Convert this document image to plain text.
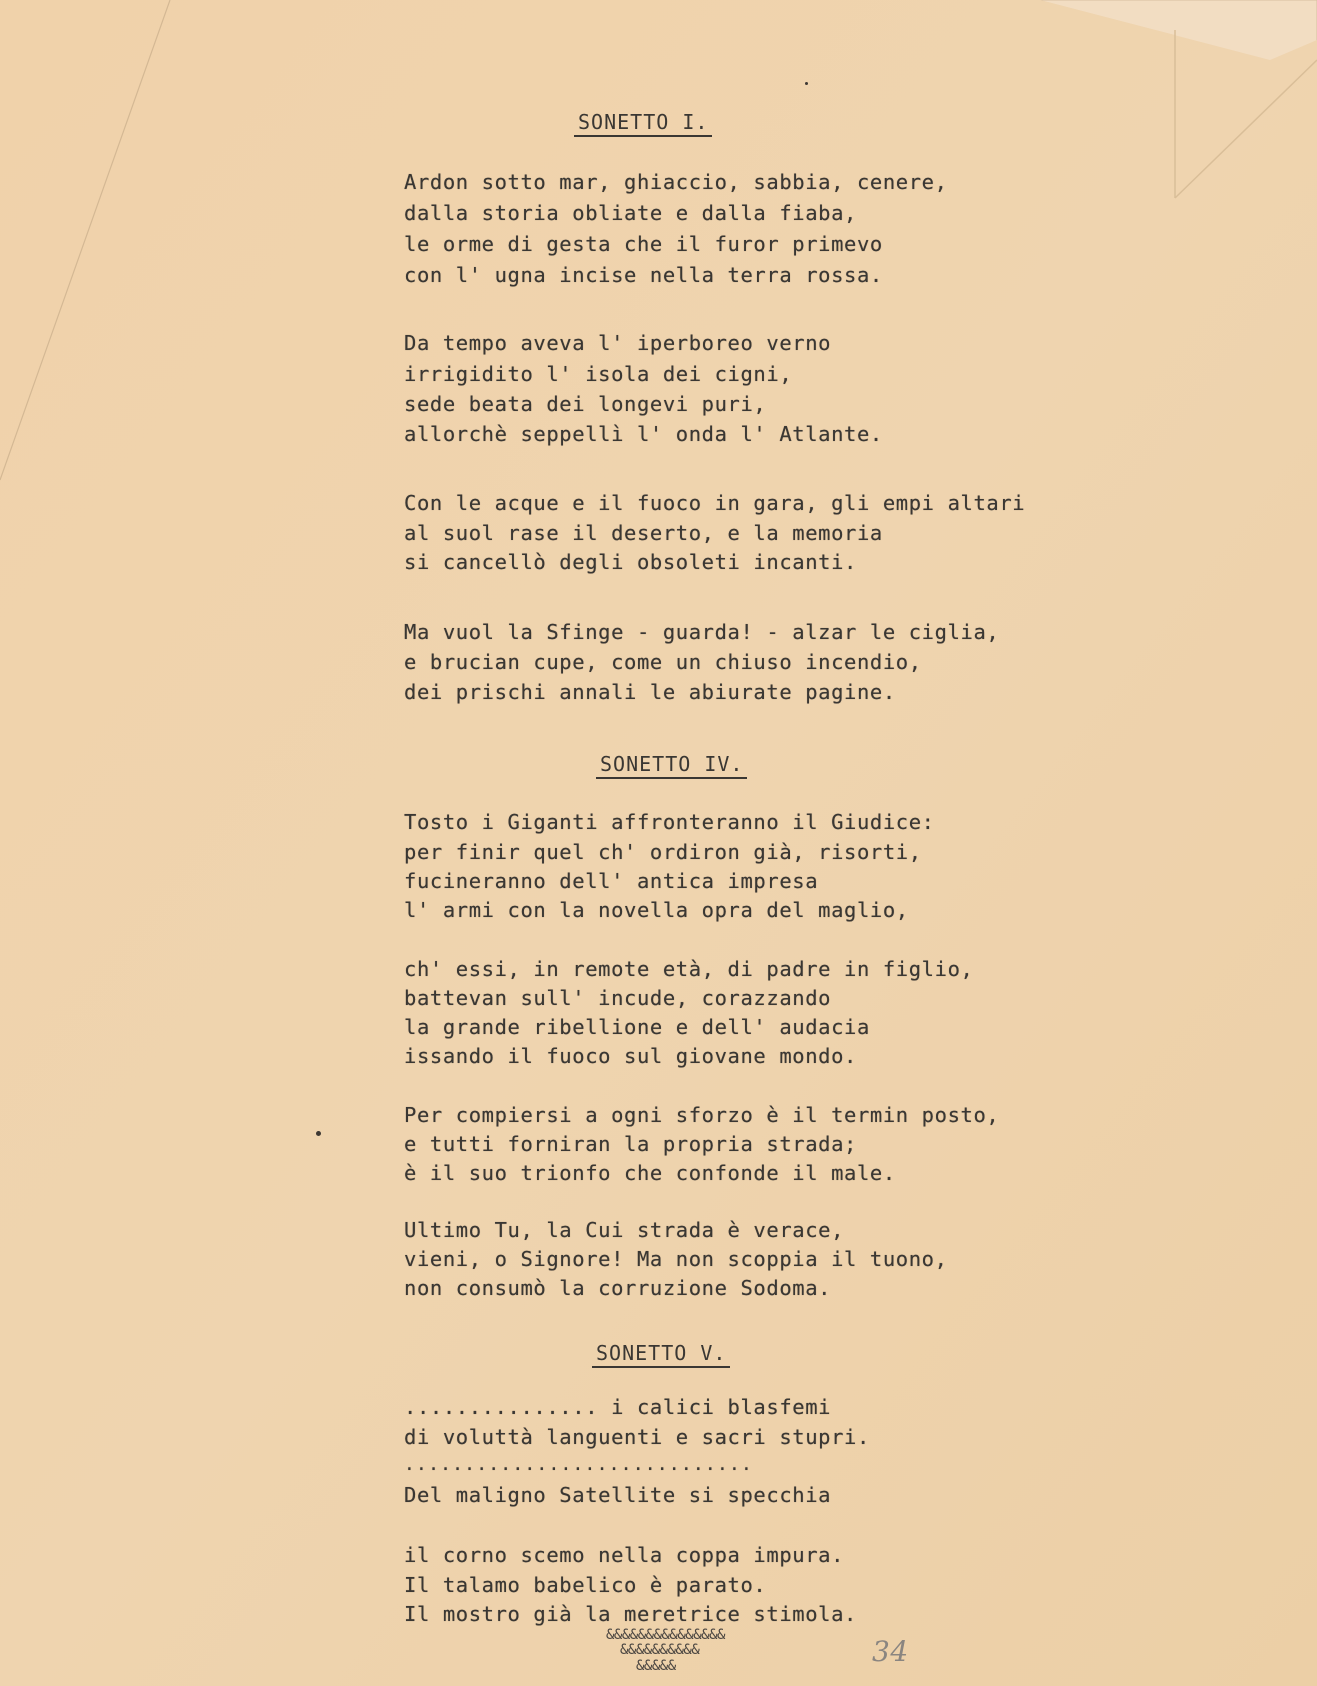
SONETTO I.
Ardon sotto mar, ghiaccio, sabbia, cenere,
dalla storia obliate e dalla fiaba,
le orme di gesta che il furor primevo
con l' ugna incise nella terra rossa.
Da tempo aveva l' iperboreo verno
irrigidito l' isola dei cigni,
sede beata dei longevi puri,
allorchè seppellì l' onda l' Atlante.
Con le acque e il fuoco in gara, gli empi altari
al suol rase il deserto, e la memoria
si cancellò degli obsoleti incanti.
Ma vuol la Sfinge - guarda! - alzar le ciglia,
e brucian cupe, come un chiuso incendio,
dei prischi annali le abiurate pagine.
SONETTO IV.
Tosto i Giganti affronteranno il Giudice:
per finir quel ch' ordiron già, risorti,
fucineranno dell' antica impresa
l' armi con la novella opra del maglio,
ch' essi, in remote età, di padre in figlio,
battevan sull' incude, corazzando
la grande ribellione e dell' audacia
issando il fuoco sul giovane mondo.
Per compiersi a ogni sforzo è il termin posto,
e tutti forniran la propria strada;
è il suo trionfo che confonde il male.
Ultimo Tu, la Cui strada è verace,
vieni, o Signore! Ma non scoppia il tuono,
non consumò la corruzione Sodoma.
SONETTO V.
............... i calici blasfemi
di voluttà languenti e sacri stupri.
.............................
Del maligno Satellite si specchia
il corno scemo nella coppa impura.
Il talamo babelico è parato.
Il mostro già la meretrice stimola.
&&&&&&&&&&&&&&&
&&&&&&&&&&
&&&&&	34
